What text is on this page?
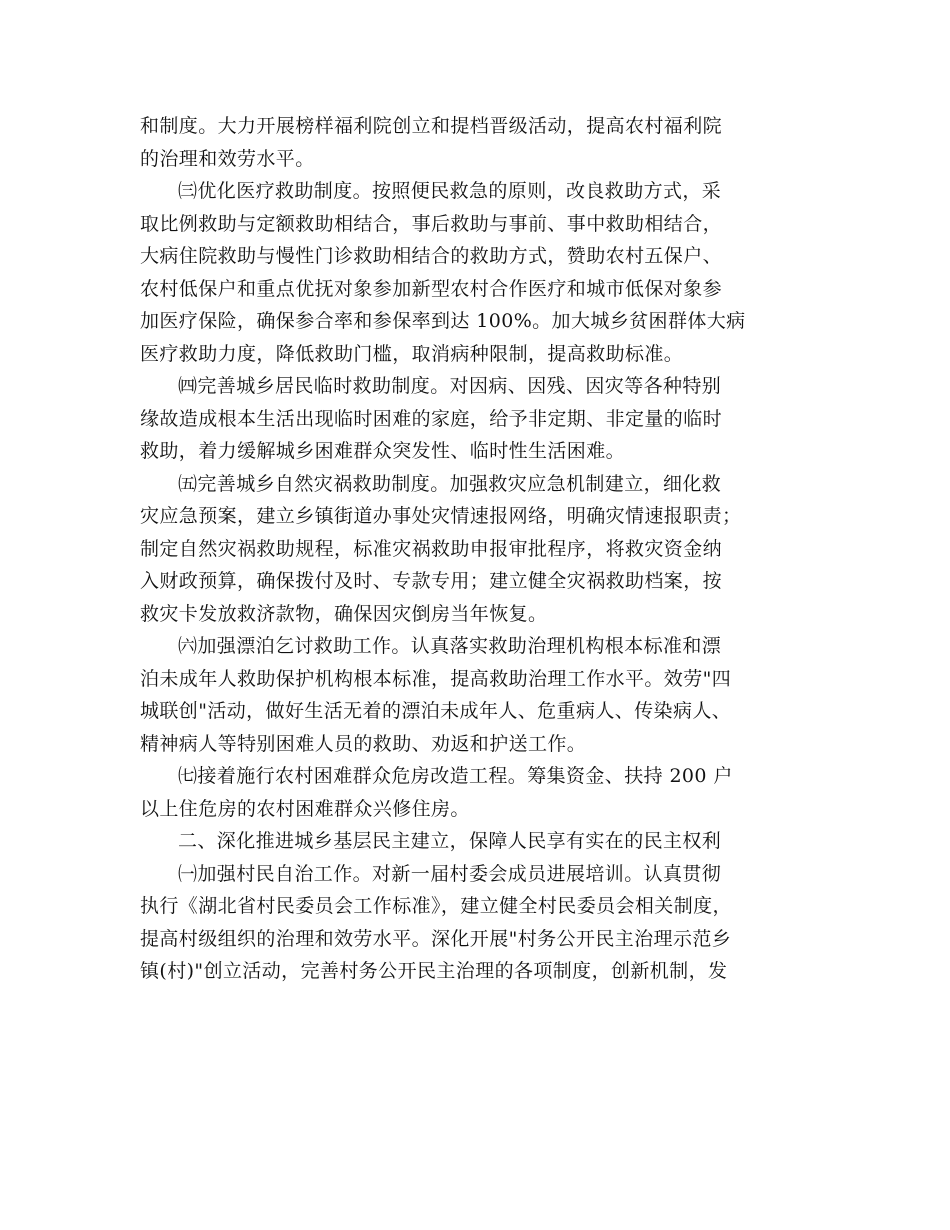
和制度。大力开展榜样福利院创立和提档晋级活动，提高农村福利院
的治理和效劳水平。
㈢优化医疗救助制度。按照便民救急的原则，改良救助方式，采
取比例救助与定额救助相结合，事后救助与事前、事中救助相结合，
大病住院救助与慢性门诊救助相结合的救助方式，赞助农村五保户、
农村低保户和重点优抚对象参加新型农村合作医疗和城市低保对象参
加医疗保险，确保参合率和参保率到达 100%。加大城乡贫困群体大病
医疗救助力度，降低救助门槛，取消病种限制，提高救助标准。
㈣完善城乡居民临时救助制度。对因病、因残、因灾等各种特别
缘故造成根本生活出现临时困难的家庭，给予非定期、非定量的临时
救助，着力缓解城乡困难群众突发性、临时性生活困难。
㈤完善城乡自然灾祸救助制度。加强救灾应急机制建立，细化救
灾应急预案，建立乡镇街道办事处灾情速报网络，明确灾情速报职责；
制定自然灾祸救助规程，标准灾祸救助申报审批程序，将救灾资金纳
入财政预算，确保拨付及时、专款专用；建立健全灾祸救助档案，按
救灾卡发放救济款物，确保因灾倒房当年恢复。
㈥加强漂泊乞讨救助工作。认真落实救助治理机构根本标准和漂
泊未成年人救助保护机构根本标准，提高救助治理工作水平。效劳"四
城联创"活动，做好生活无着的漂泊未成年人、危重病人、传染病人、
精神病人等特别困难人员的救助、劝返和护送工作。
㈦接着施行农村困难群众危房改造工程。筹集资金、扶持 200 户
以上住危房的农村困难群众兴修住房。
二、深化推进城乡基层民主建立，保障人民享有实在的民主权利
㈠加强村民自治工作。对新一届村委会成员进展培训。认真贯彻
执行《湖北省村民委员会工作标准》，建立健全村民委员会相关制度，
提高村级组织的治理和效劳水平。深化开展"村务公开民主治理示范乡
镇(村)"创立活动，完善村务公开民主治理的各项制度，创新机制，发
